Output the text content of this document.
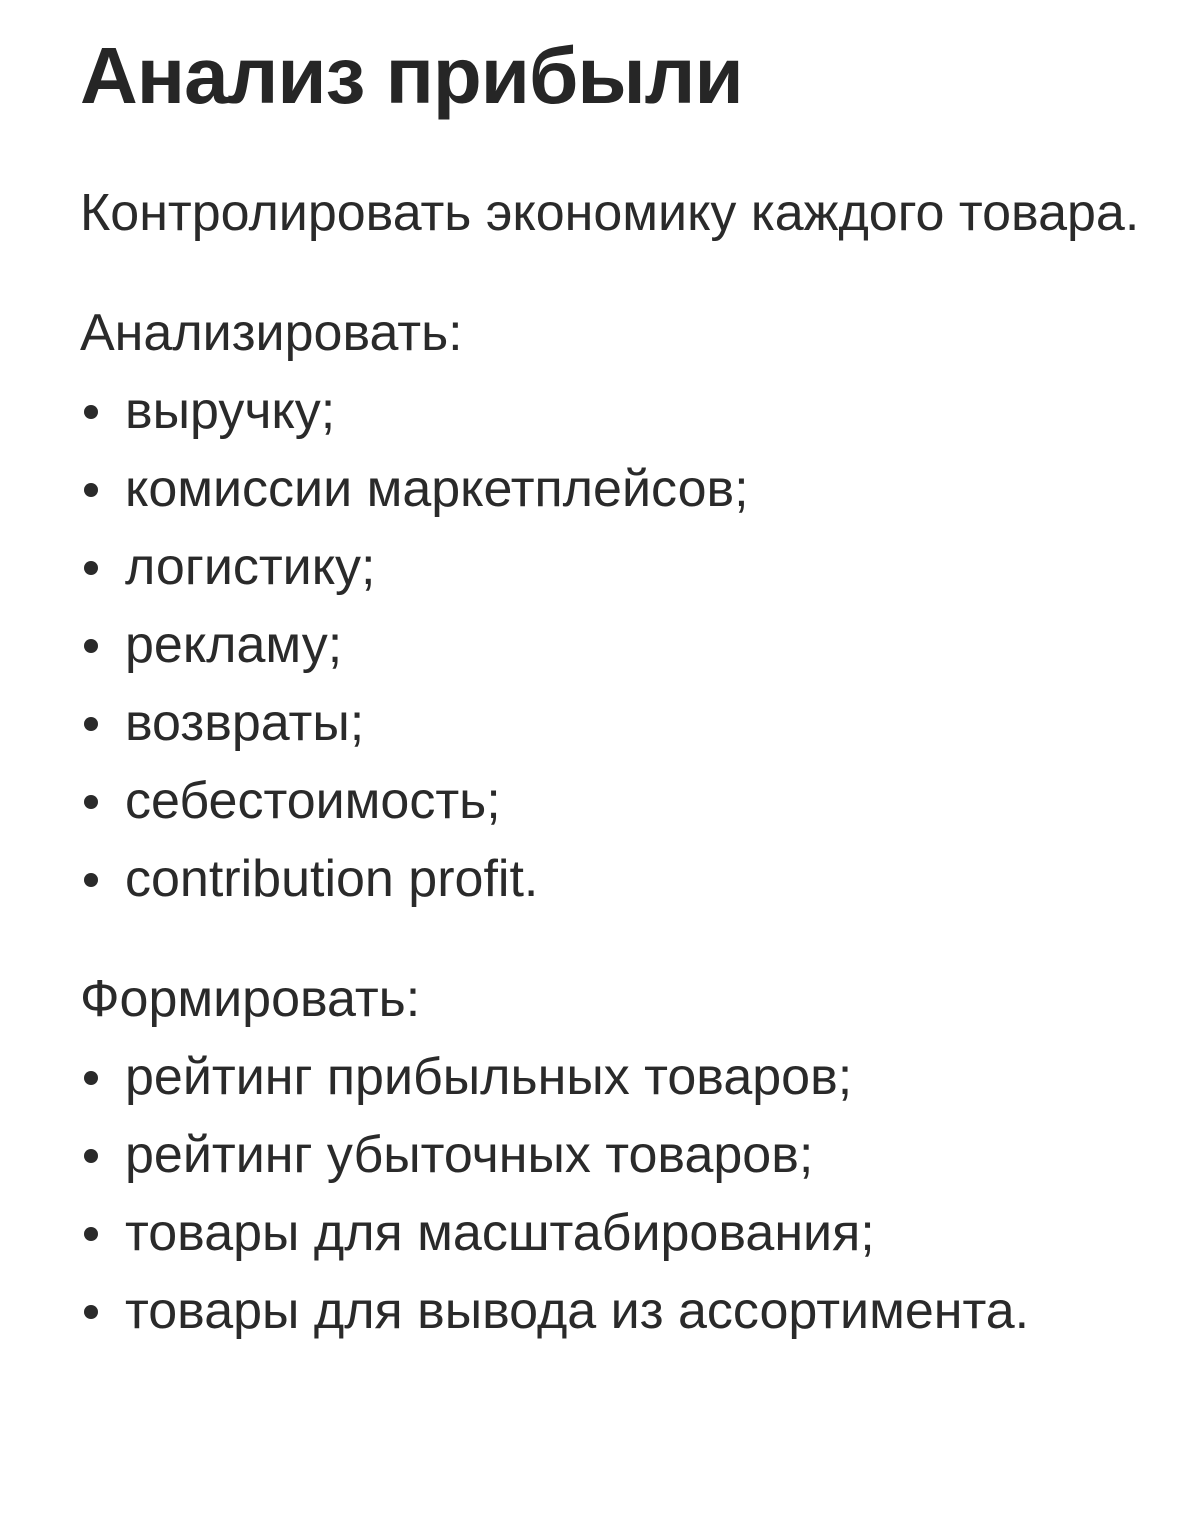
Анализ прибыли

Контролировать экономику каждого товара.

Анализировать:

выручку;
комиссии маркетплейсов;
логистику;
рекламу;
возвраты;
себестоимость;
contribution profit.

Формировать:

рейтинг прибыльных товаров;
рейтинг убыточных товаров;
товары для масштабирования;
товары для вывода из ассортимента.
